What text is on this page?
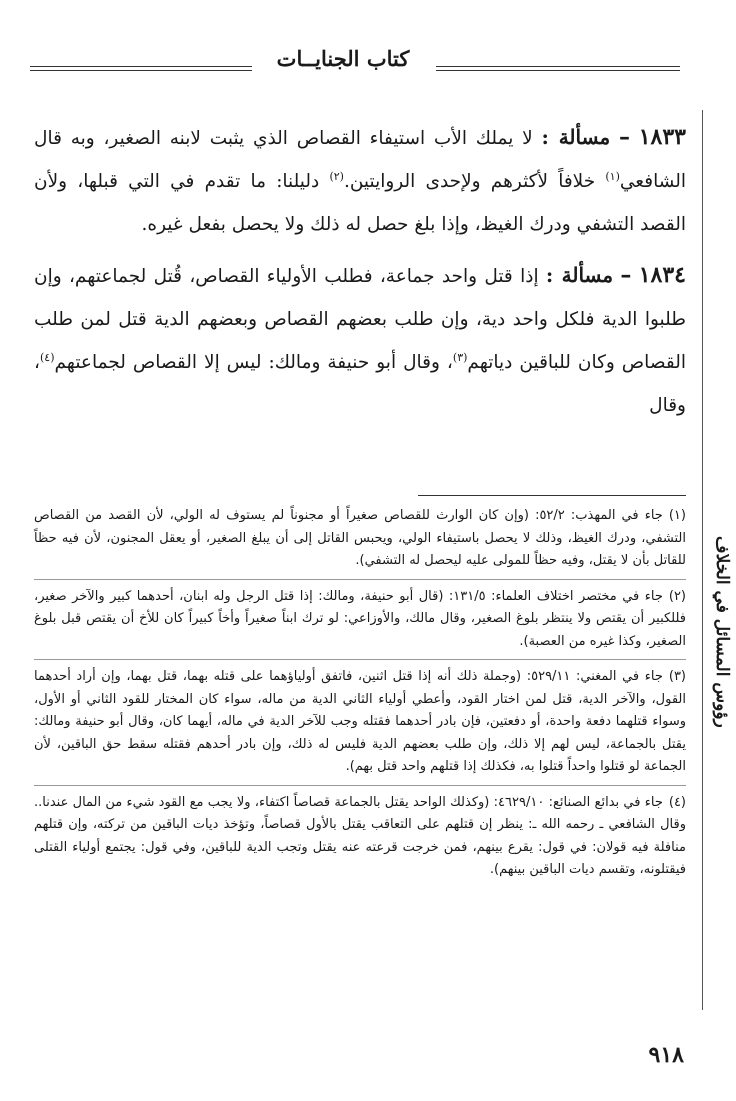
كتاب الجنايــات
رؤوس المسائل في الخلاف

١٨٣٣ – مسألة : لا يملك الأب استيفاء القصاص الذي يثبت لابنه الصغير، وبه قال الشافعي$^{(١)}$ خلافاً لأكثرهم ولإحدى الروايتين.$^{(٢)}$ دليلنا: ما تقدم في التي قبلها، ولأن القصد التشفي ودرك الغيظ، وإذا بلغ حصل له ذلك ولا يحصل بفعل غيره.

١٨٣٤ – مسألة : إذا قتل واحد جماعة، فطلب الأولياء القصاص، قُتل لجماعتهم، وإن طلبوا الدية فلكل واحد دية، وإن طلب بعضهم القصاص وبعضهم الدية قتل لمن طلب القصاص وكان للباقين دياتهم$^{(٣)}$، وقال أبو حنيفة ومالك: ليس إلا القصاص لجماعتهم$^{(٤)}$، وقال

(١)جاء في المهذب: ٥٢/٢: (وإن كان الوارث للقصاص صغيراً أو مجنوناً لم يستوف له الولي، لأن القصد من القصاص التشفي، ودرك الغيظ، وذلك لا يحصل باستيفاء الولي، ويحبس القاتل إلى أن يبلغ الصغير، أو يعقل المجنون، لأن فيه حظاً للقاتل بأن لا يقتل، وفيه حظاً للمولى عليه ليحصل له التشفي).

(٢)جاء في مختصر اختلاف العلماء: ١٣١/٥: (قال أبو حنيفة، ومالك: إذا قتل الرجل وله ابنان، أحدهما كبير والآخر صغير، فللكبير أن يقتص ولا ينتظر بلوغ الصغير، وقال مالك، والأوزاعي: لو ترك ابناً صغيراً وأخاً كبيراً كان للأخ أن يقتص قبل بلوغ الصغير، وكذا غيره من العصبة).

(٣)جاء في المغني: ٥٢٩/١١: (وجملة ذلك أنه إذا قتل اثنين، فاتفق أولياؤهما على قتله بهما، قتل بهما، وإن أراد أحدهما القول، والآخر الدية، قتل لمن اختار القود، وأعطي أولياء الثاني الدية من ماله، سواء كان المختار للقود الثاني أو الأول، وسواء قتلهما دفعة واحدة، أو دفعتين، فإن بادر أحدهما فقتله وجب للآخر الدية في ماله، أيهما كان، وقال أبو حنيفة ومالك: يقتل بالجماعة، ليس لهم إلا ذلك، وإن طلب بعضهم الدية فليس له ذلك، وإن بادر أحدهم فقتله سقط حق الباقين، لأن الجماعة لو قتلوا واحداً قتلوا به، فكذلك إذا قتلهم واحد قتل بهم).

(٤)جاء في بدائع الصنائع: ٤٦٢٩/١٠: (وكذلك الواحد يقتل بالجماعة قصاصاً اكتفاء، ولا يجب مع القود شيء من المال عندنا.. وقال الشافعي ـ رحمه الله ـ: ينظر إن قتلهم على التعاقب يقتل بالأول قصاصاً، وتؤخذ ديات الباقين من تركته، وإن قتلهم منافلة فيه قولان: في قول: يقرع بينهم، فمن خرجت قرعته عنه يقتل وتجب الدية للباقين، وفي قول: يجتمع أولياء القتلى فيقتلونه، وتقسم ديات الباقين بينهم).

٩١٨
